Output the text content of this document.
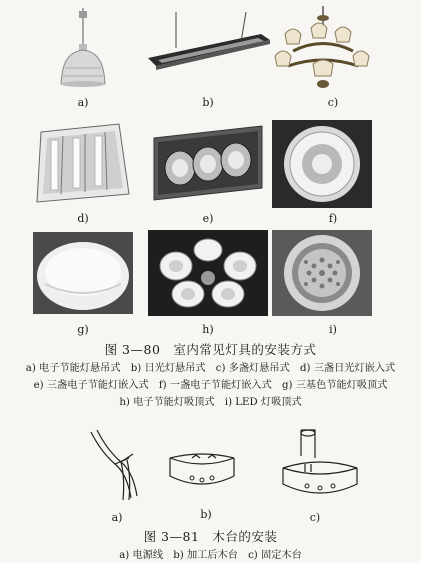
a)	b)	c)
d)	e)	f)
g)	h)	i)
图 3—80　室内常见灯具的安装方式
a) 电子节能灯悬吊式　b) 日光灯悬吊式　c) 多盏灯悬吊式　d) 三盏日光灯嵌入式
e) 三盏电子节能灯嵌入式　f) 一盏电子节能灯嵌入式　g) 三基色节能灯吸顶式
h) 电子节能灯吸顶式　i) LED 灯吸顶式
a)	b)	c)
图 3—81　木台的安装
a) 电源线　b) 加工后木台　c) 固定木台
